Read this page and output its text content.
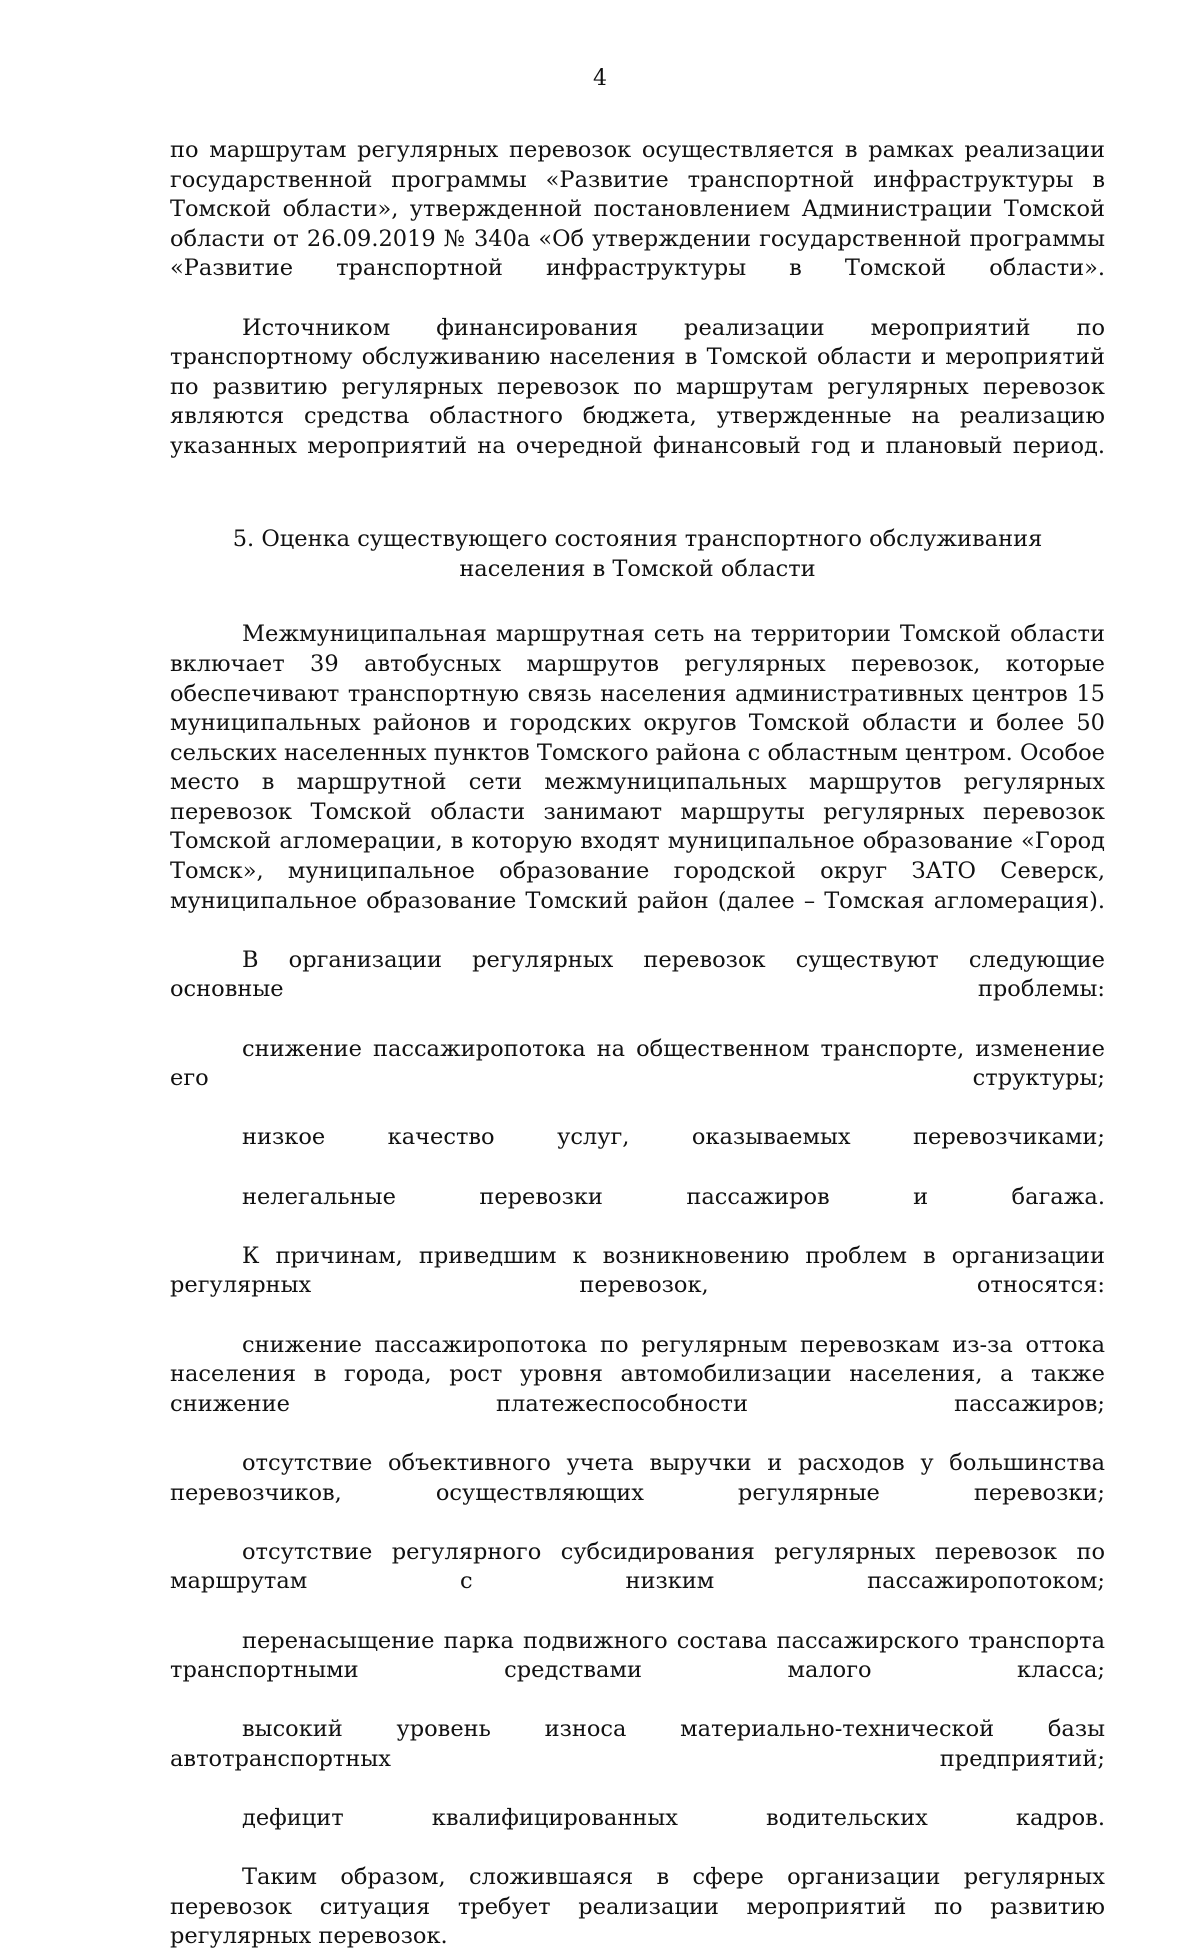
4

по маршрутам регулярных перевозок осуществляется в рамках реализации государственной программы «Развитие транспортной инфраструктуры в Томской области», утвержденной постановлением Администрации Томской области от 26.09.2019 № 340а «Об утверждении государственной программы «Развитие транспортной инфраструктуры в Томской области».

Источником финансирования реализации мероприятий по транспортному обслуживанию населения в Томской области и мероприятий по развитию регулярных перевозок по маршрутам регулярных перевозок являются средства областного бюджета, утвержденные на реализацию указанных мероприятий на очередной финансовый год и плановый период.

5. Оценка существующего состояния транспортного обслуживания
населения в Томской области

Межмуниципальная маршрутная сеть на территории Томской области включает 39 автобусных маршрутов регулярных перевозок, которые обеспечивают транспортную связь населения административных центров 15 муниципальных районов и городских округов Томской области и более 50 сельских населенных пунктов Томского района с областным центром. Особое место в маршрутной сети межмуниципальных маршрутов регулярных перевозок Томской области занимают маршруты регулярных перевозок Томской агломерации, в которую входят муниципальное образование «Город Томск», муниципальное образование городской округ ЗАТО Северск, муниципальное образование Томский район (далее – Томская агломерация).

В организации регулярных перевозок существуют следующие основные проблемы:

снижение пассажиропотока на общественном транспорте, изменение его структуры;

низкое качество услуг, оказываемых перевозчиками;

нелегальные перевозки пассажиров и багажа.

К причинам, приведшим к возникновению проблем в организации регулярных перевозок, относятся:

снижение пассажиропотока по регулярным перевозкам из-за оттока населения в города, рост уровня автомобилизации населения, а также снижение платежеспособности пассажиров;

отсутствие объективного учета выручки и расходов у большинства перевозчиков, осуществляющих регулярные перевозки;

отсутствие регулярного субсидирования регулярных перевозок по маршрутам с низким пассажиропотоком;

перенасыщение парка подвижного состава пассажирского транспорта транспортными средствами малого класса;

высокий уровень износа материально-технической базы автотранспортных предприятий;

дефицит квалифицированных водительских кадров.

Таким образом, сложившаяся в сфере организации регулярных перевозок ситуация требует реализации мероприятий по развитию регулярных перевозок.
